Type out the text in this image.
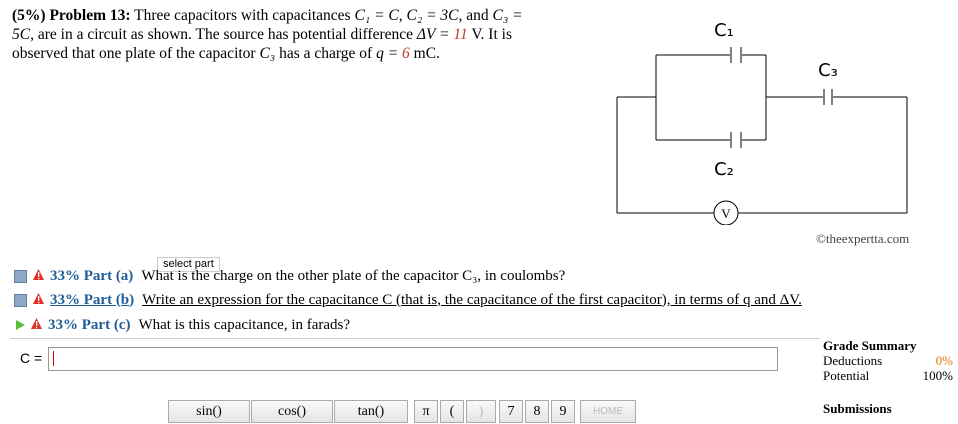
(5%) Problem 13: Three capacitors with capacitances C₁ = C, C₂ = 3C, and C₃ =
5C, are in a circuit as shown. The source has potential difference ΔV = 11 V. It is
observed that one plate of the capacitor C₃ has a charge of q = 6 mC.
V
C₁
C₂
C₃
©theexpertta.com
select part
33% Part (a) What is the charge on the other plate of the capacitor C₃, in coulombs?
33% Part (b) Write an expression for the capacitance C (that is, the capacitance of the first capacitor), in terms of q and ΔV.
33% Part (c) What is this capacitance, in farads?
C =
sin()	cos()	tan()	π	(	)	7	8	9	HOME
Grade Summary
Deductions	0%
Potential	100%
Submissions
